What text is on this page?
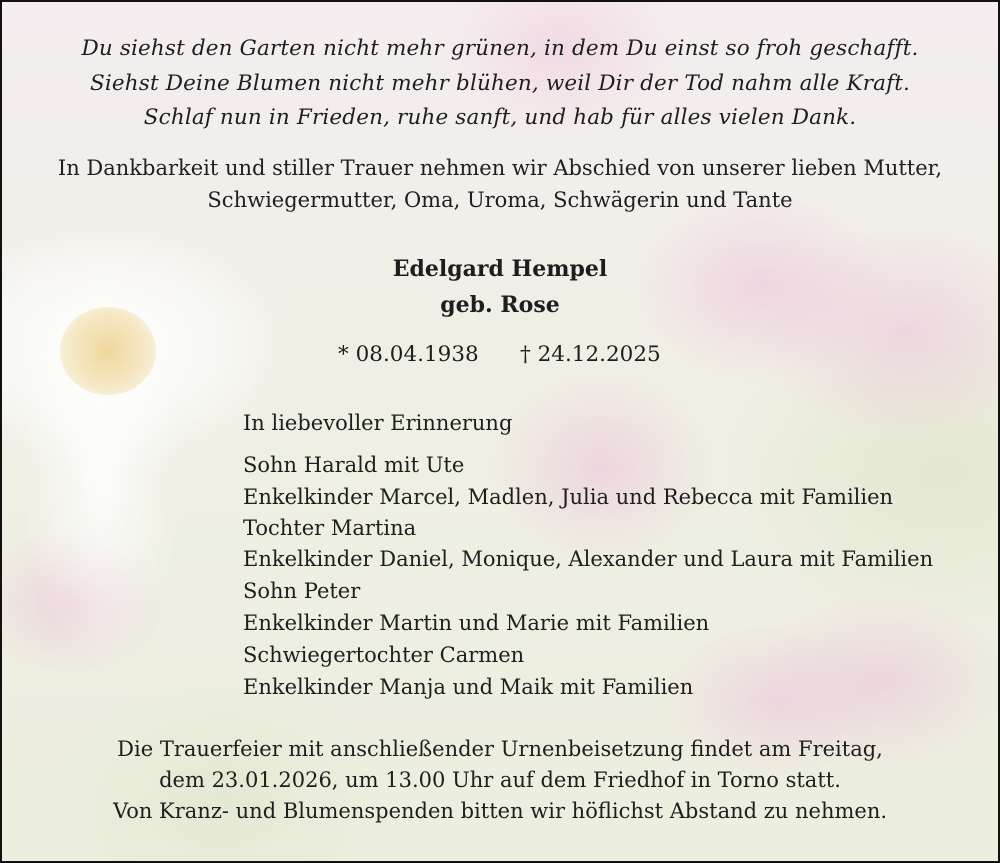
Du siehst den Garten nicht mehr grünen, in dem Du einst so froh geschafft.

Siehst Deine Blumen nicht mehr blühen, weil Dir der Tod nahm alle Kraft.

Schlaf nun in Frieden, ruhe sanft, und hab für alles vielen Dank.

In Dankbarkeit und stiller Trauer nehmen wir Abschied von unserer lieben Mutter,

Schwiegermutter, Oma, Uroma, Schwägerin und Tante

Edelgard Hempel

geb. Rose

* 08.04.1938 † 24.12.2025

In liebevoller Erinnerung

Sohn Harald mit Ute

Enkelkinder Marcel, Madlen, Julia und Rebecca mit Familien

Tochter Martina

Enkelkinder Daniel, Monique, Alexander und Laura mit Familien

Sohn Peter

Enkelkinder Martin und Marie mit Familien

Schwiegertochter Carmen

Enkelkinder Manja und Maik mit Familien

Die Trauerfeier mit anschließender Urnenbeisetzung findet am Freitag,

dem 23.01.2026, um 13.00 Uhr auf dem Friedhof in Torno statt.

Von Kranz- und Blumenspenden bitten wir höflichst Abstand zu nehmen.
